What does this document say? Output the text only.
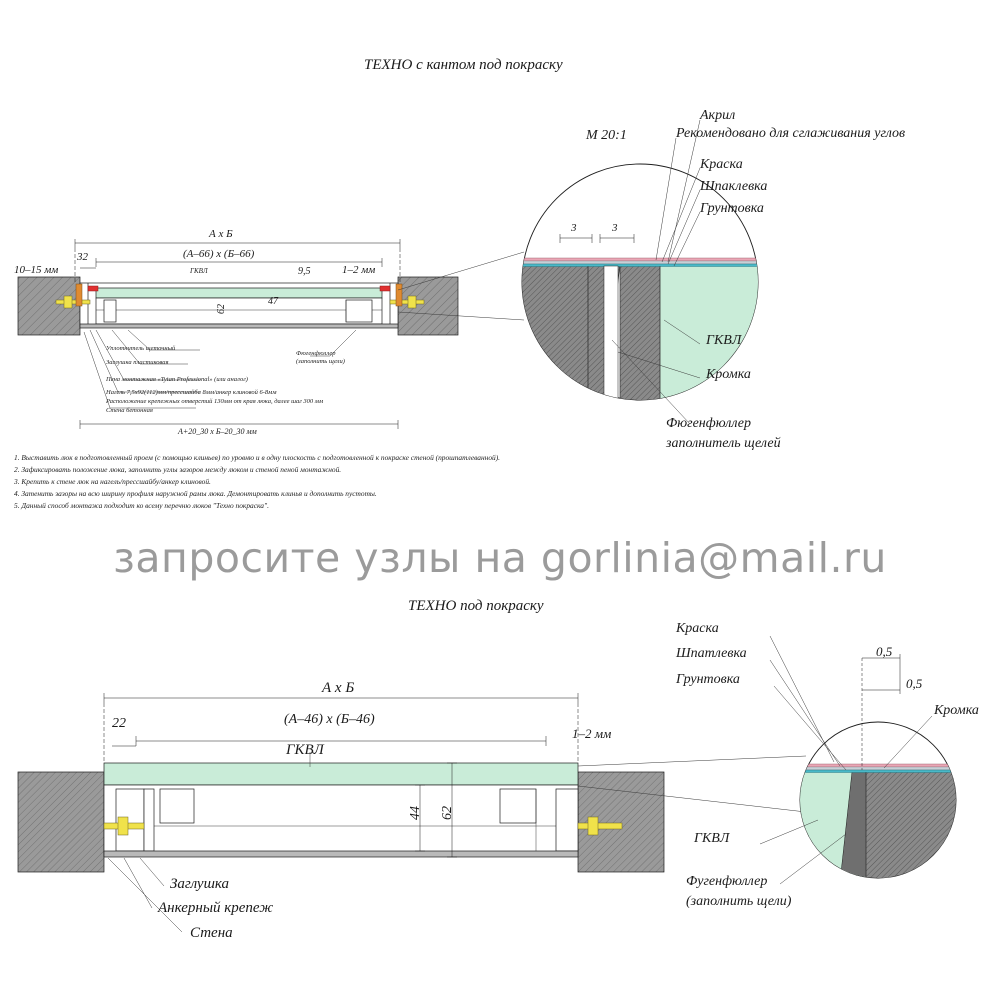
ТЕХНО с кантом под покраску
М 20:1
Акрил
Рекомендовано для сглаживания углов
Краска
Шпаклевка
Грунтовка
ГКВЛ
Кромка
Фюгенфюллер
заполнитель щелей
А х Б
(А–66) х (Б–66)
32
10–15 мм	1–2 мм
9,5
47
62
А+20_30 х Б–20_30 мм
3	3
ГКВЛ
Уплотнитель щеточный
Заглушка пластиковая
Пена монтажная «Tytan Professional» (или аналог)
Нагель 7,5х92(112)мм/прессшайба 8мм/анкер клиновой 6-8мм
Расположение крепежных отверстий 130мм от края люка, далее шаг 300 мм
Стена бетонная
Фюгенфюллер
(заполнить щели)
1. Выставить люк в подготовленный проем (с помощью клиньев) по уровню и в одну плоскость с подготовленной к покраске стеной (прошпатлеванной).
2. Зафиксировать положение люка, заполнить углы зазоров между люком и стеной пеной монтажной.
3. Крепить к стене люк на нагель/прессшайбу/анкер клиновой.
4. Затенить зазоры на всю ширину профиля наружной рамы люка. Демонтировать клинья и дополнить пустоты.
5. Данный способ монтажа подходит ко всему перечню люков "Техно покраска".
запросите узлы на gorlinia@mail.ru
ТЕХНО под покраску
Краска
Шпатлевка
Грунтовка
Кромка
ГКВЛ
Фугенфюллер
(заполнить щели)
А х Б
(А–46) х (Б–46)
22
1–2 мм
44 62
0,5
0,5
ГКВЛ
Заглушка
Анкерный крепеж
Стена
